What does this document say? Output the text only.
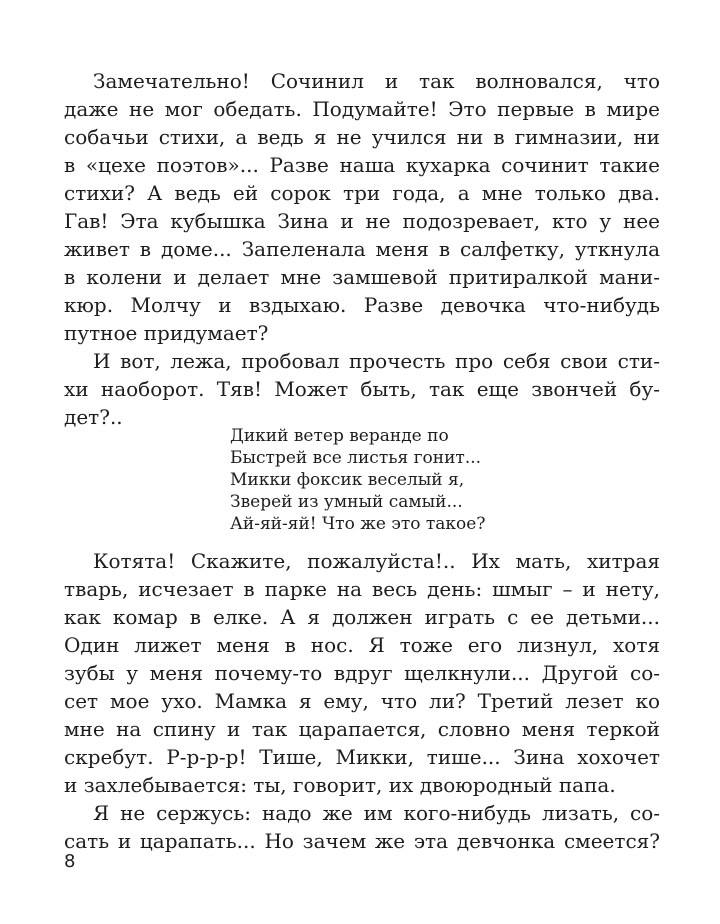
Замечательно! Сочинил и так волновался, что
даже не мог обедать. Подумайте! Это первые в мире
собачьи стихи, а ведь я не учился ни в гимназии, ни
в «цехе поэтов»... Разве наша кухарка сочинит такие
стихи? А ведь ей сорок три года, а мне только два.
Гав! Эта кубышка Зина и не подозревает, кто у нее
живет в доме... Запеленала меня в салфетку, уткнула
в колени и делает мне замшевой притиралкой мани-
кюр. Молчу и вздыхаю. Разве девочка что-нибудь
путное придумает?
И вот, лежа, пробовал прочесть про себя свои сти-
хи наоборот. Тяв! Может быть, так еще звончей бу-
дет?..
Дикий ветер веранде по
Быстрей все листья гонит...
Микки фоксик веселый я,
Зверей из умный самый...
Ай-яй-яй! Что же это такое?
Котята! Скажите, пожалуйста!.. Их мать, хитрая
тварь, исчезает в парке на весь день: шмыг – и нету,
как комар в елке. А я должен играть с ее детьми...
Один лижет меня в нос. Я тоже его лизнул, хотя
зубы у меня почему-то вдруг щелкнули... Другой со-
сет мое ухо. Мамка я ему, что ли? Третий лезет ко
мне на спину и так царапается, словно меня теркой
скребут. Р-р-р-р! Тише, Микки, тише... Зина хохочет
и захлебывается: ты, говорит, их двоюродный папа.
Я не сержусь: надо же им кого-нибудь лизать, со-
сать и царапать... Но зачем же эта девчонка смеется?
8
